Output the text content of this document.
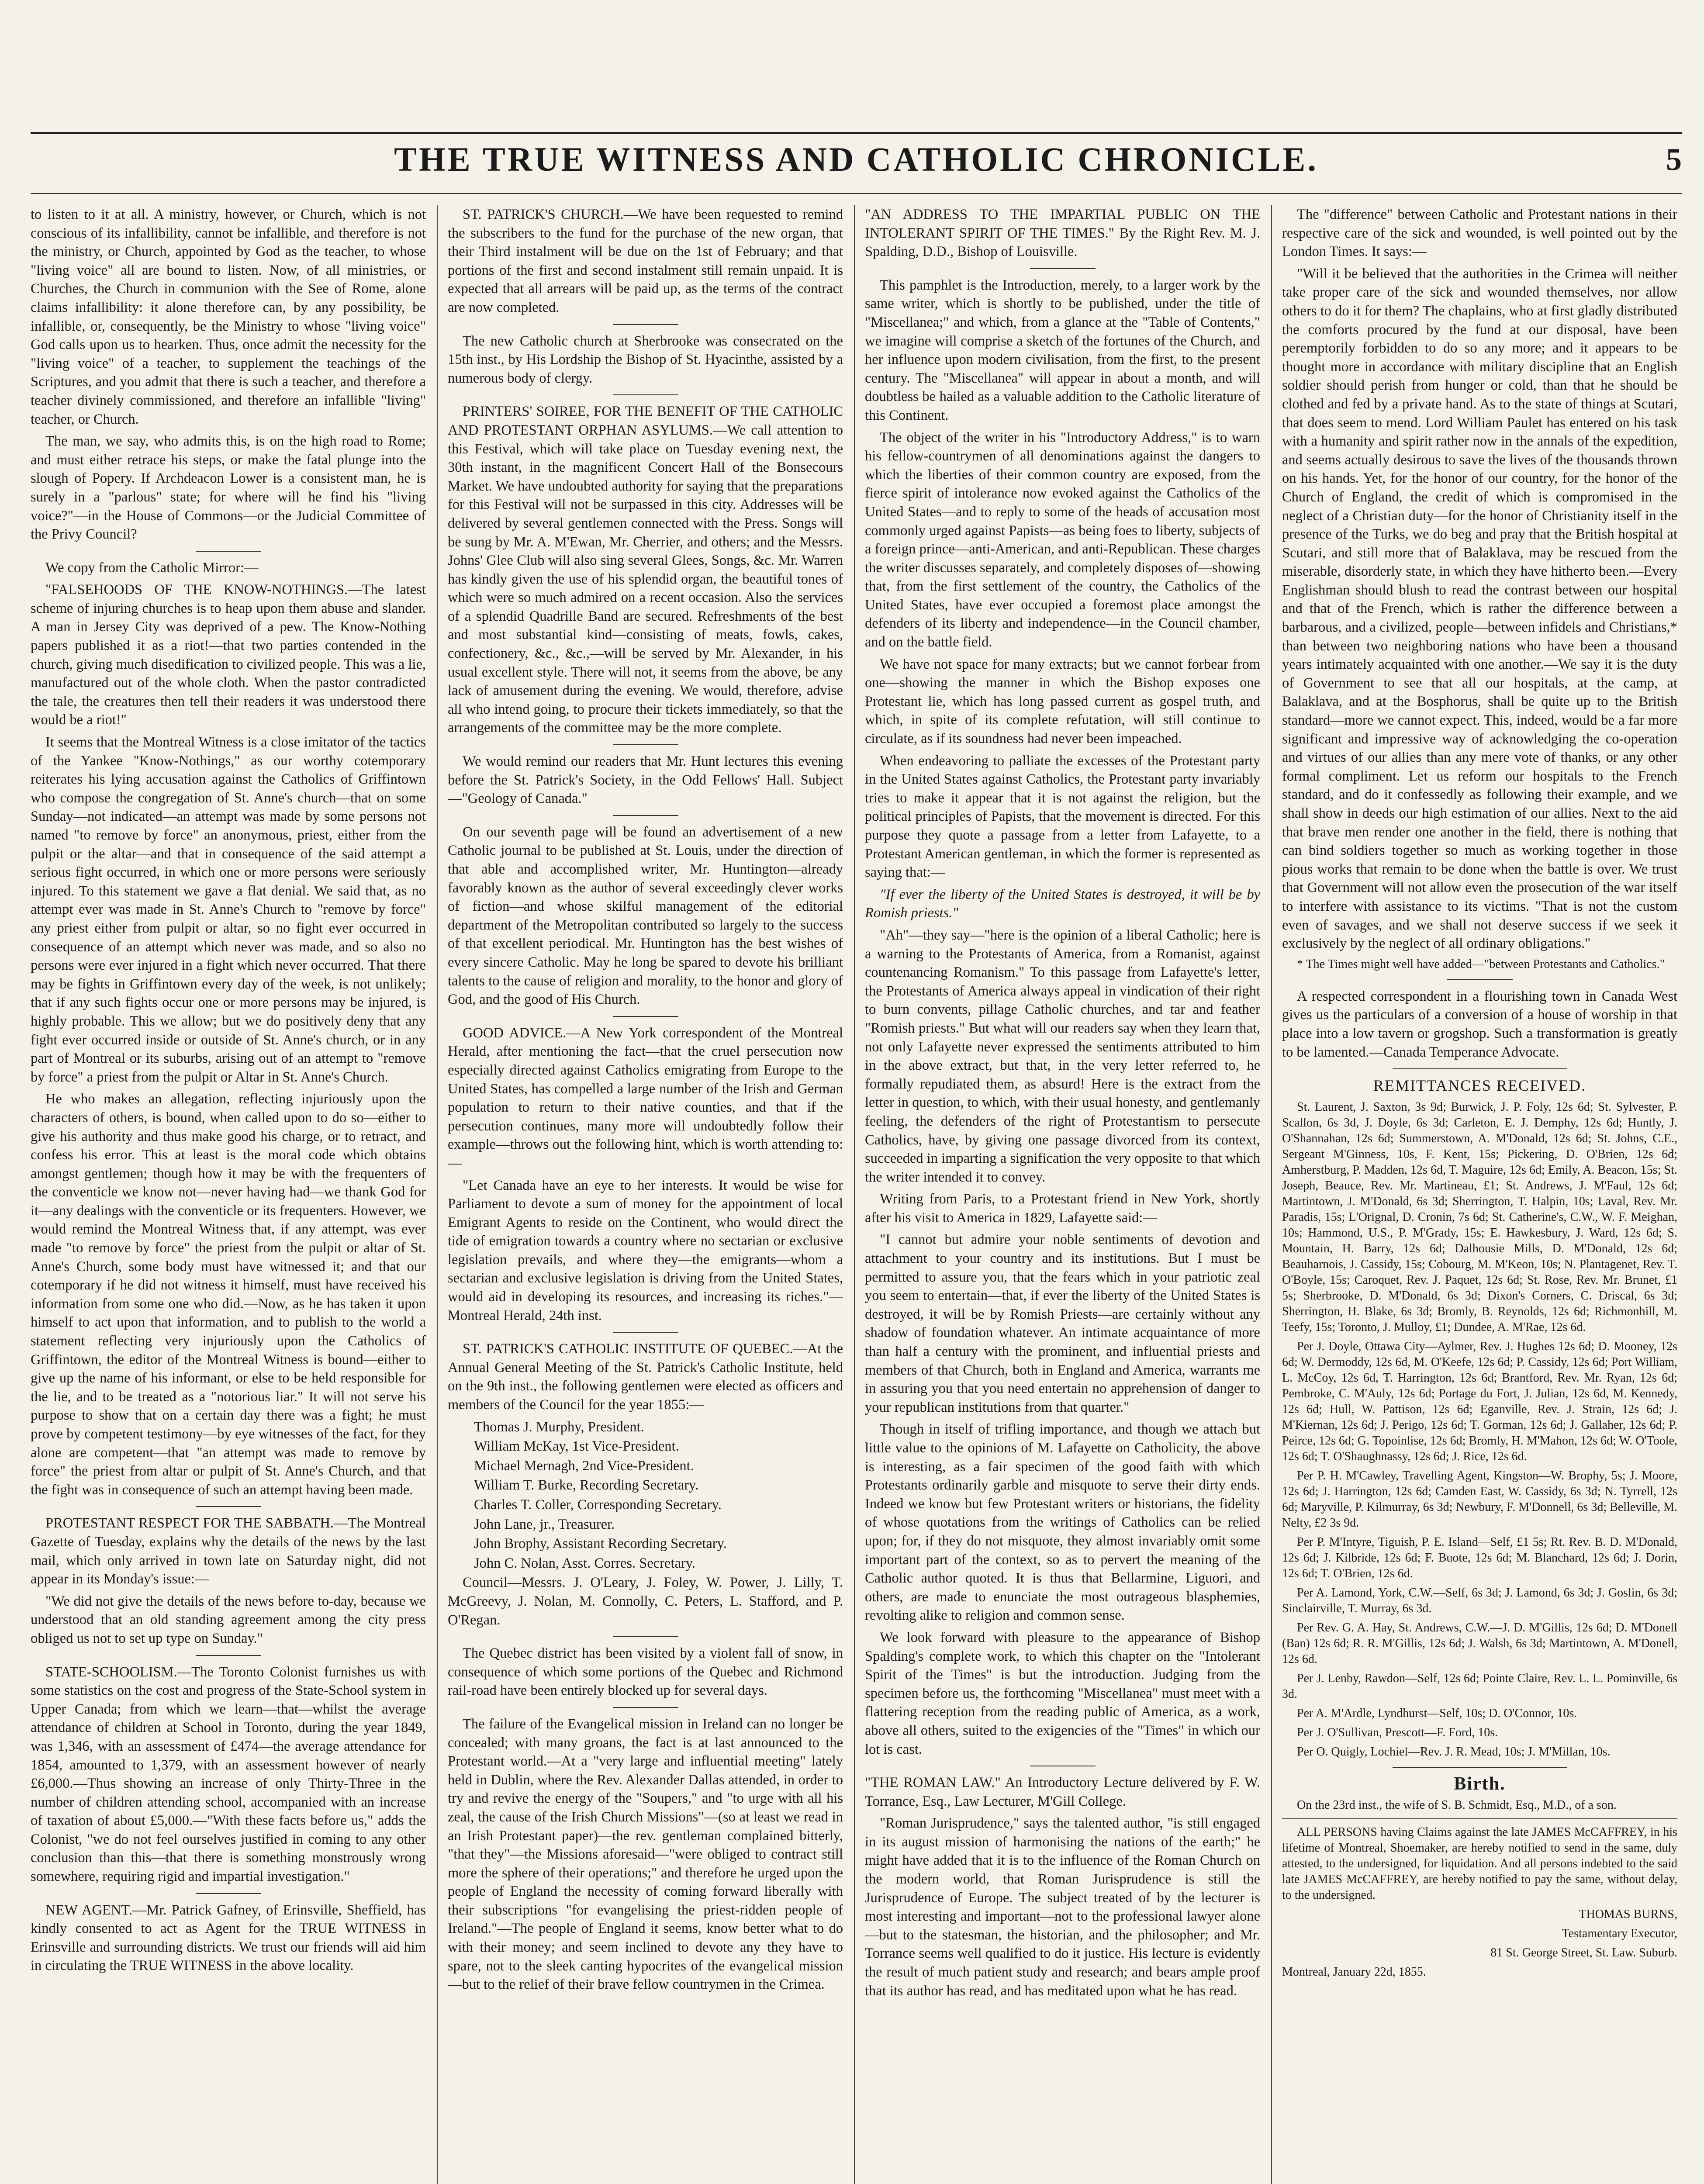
THE TRUE WITNESS AND CATHOLIC CHRONICLE.	5

to listen to it at all. A ministry, however, or Church, which is not conscious of its infallibility, cannot be infallible, and therefore is not the ministry, or Church, appointed by God as the teacher, to whose "living voice" all are bound to listen. Now, of all ministries, or Churches, the Church in communion with the See of Rome, alone claims infallibility: it alone therefore can, by any possibility, be infallible, or, consequently, be the Ministry to whose "living voice" God calls upon us to hearken. Thus, once admit the necessity for the "living voice" of a teacher, to supplement the teachings of the Scriptures, and you admit that there is such a teacher, and therefore a teacher divinely commissioned, and therefore an infallible "living" teacher, or Church.

The man, we say, who admits this, is on the high road to Rome; and must either retrace his steps, or make the fatal plunge into the slough of Popery. If Archdeacon Lower is a consistent man, he is surely in a "parlous" state; for where will he find his "living voice?"—in the House of Commons—or the Judicial Committee of the Privy Council?

We copy from the Catholic Mirror:—

"FALSEHOODS OF THE KNOW-NOTHINGS.—The latest scheme of injuring churches is to heap upon them abuse and slander. A man in Jersey City was deprived of a pew. The Know-Nothing papers published it as a riot!—that two parties contended in the church, giving much disedification to civilized people. This was a lie, manufactured out of the whole cloth. When the pastor contradicted the tale, the creatures then tell their readers it was understood there would be a riot!"

It seems that the Montreal Witness is a close imitator of the tactics of the Yankee "Know-Nothings," as our worthy cotemporary reiterates his lying accusation against the Catholics of Griffintown who compose the congregation of St. Anne's church—that on some Sunday—not indicated—an attempt was made by some persons not named "to remove by force" an anonymous, priest, either from the pulpit or the altar—and that in consequence of the said attempt a serious fight occurred, in which one or more persons were seriously injured. To this statement we gave a flat denial. We said that, as no attempt ever was made in St. Anne's Church to "remove by force" any priest either from pulpit or altar, so no fight ever occurred in consequence of an attempt which never was made, and so also no persons were ever injured in a fight which never occurred. That there may be fights in Griffintown every day of the week, is not unlikely; that if any such fights occur one or more persons may be injured, is highly probable. This we allow; but we do positively deny that any fight ever occurred inside or outside of St. Anne's church, or in any part of Montreal or its suburbs, arising out of an attempt to "remove by force" a priest from the pulpit or Altar in St. Anne's Church.

He who makes an allegation, reflecting injuriously upon the characters of others, is bound, when called upon to do so—either to give his authority and thus make good his charge, or to retract, and confess his error. This at least is the moral code which obtains amongst gentlemen; though how it may be with the frequenters of the conventicle we know not—never having had—we thank God for it—any dealings with the conventicle or its frequenters. However, we would remind the Montreal Witness that, if any attempt, was ever made "to remove by force" the priest from the pulpit or altar of St. Anne's Church, some body must have witnessed it; and that our cotemporary if he did not witness it himself, must have received his information from some one who did.—Now, as he has taken it upon himself to act upon that information, and to publish to the world a statement reflecting very injuriously upon the Catholics of Griffintown, the editor of the Montreal Witness is bound—either to give up the name of his informant, or else to be held responsible for the lie, and to be treated as a "notorious liar." It will not serve his purpose to show that on a certain day there was a fight; he must prove by competent testimony—by eye witnesses of the fact, for they alone are competent—that "an attempt was made to remove by force" the priest from altar or pulpit of St. Anne's Church, and that the fight was in consequence of such an attempt having been made.

PROTESTANT RESPECT FOR THE SABBATH.—The Montreal Gazette of Tuesday, explains why the details of the news by the last mail, which only arrived in town late on Saturday night, did not appear in its Monday's issue:—

"We did not give the details of the news before to-day, because we understood that an old standing agreement among the city press obliged us not to set up type on Sunday."

STATE-SCHOOLISM.—The Toronto Colonist furnishes us with some statistics on the cost and progress of the State-School system in Upper Canada; from which we learn—that—whilst the average attendance of children at School in Toronto, during the year 1849, was 1,346, with an assessment of £474—the average attendance for 1854, amounted to 1,379, with an assessment however of nearly £6,000.—Thus showing an increase of only Thirty-Three in the number of children attending school, accompanied with an increase of taxation of about £5,000.—"With these facts before us," adds the Colonist, "we do not feel ourselves justified in coming to any other conclusion than this—that there is something monstrously wrong somewhere, requiring rigid and impartial investigation."

NEW AGENT.—Mr. Patrick Gafney, of Erinsville, Sheffield, has kindly consented to act as Agent for the TRUE WITNESS in Erinsville and surrounding districts. We trust our friends will aid him in circulating the TRUE WITNESS in the above locality.

ST. PATRICK'S CHURCH.—We have been requested to remind the subscribers to the fund for the purchase of the new organ, that their Third instalment will be due on the 1st of February; and that portions of the first and second instalment still remain unpaid. It is expected that all arrears will be paid up, as the terms of the contract are now completed.

The new Catholic church at Sherbrooke was consecrated on the 15th inst., by His Lordship the Bishop of St. Hyacinthe, assisted by a numerous body of clergy.

PRINTERS' SOIREE, FOR THE BENEFIT OF THE CATHOLIC AND PROTESTANT ORPHAN ASYLUMS.—We call attention to this Festival, which will take place on Tuesday evening next, the 30th instant, in the magnificent Concert Hall of the Bonsecours Market. We have undoubted authority for saying that the preparations for this Festival will not be surpassed in this city. Addresses will be delivered by several gentlemen connected with the Press. Songs will be sung by Mr. A. M'Ewan, Mr. Cherrier, and others; and the Messrs. Johns' Glee Club will also sing several Glees, Songs, &c. Mr. Warren has kindly given the use of his splendid organ, the beautiful tones of which were so much admired on a recent occasion. Also the services of a splendid Quadrille Band are secured. Refreshments of the best and most substantial kind—consisting of meats, fowls, cakes, confectionery, &c., &c.,—will be served by Mr. Alexander, in his usual excellent style. There will not, it seems from the above, be any lack of amusement during the evening. We would, therefore, advise all who intend going, to procure their tickets immediately, so that the arrangements of the committee may be the more complete.

We would remind our readers that Mr. Hunt lectures this evening before the St. Patrick's Society, in the Odd Fellows' Hall. Subject—"Geology of Canada."

On our seventh page will be found an advertisement of a new Catholic journal to be published at St. Louis, under the direction of that able and accomplished writer, Mr. Huntington—already favorably known as the author of several exceedingly clever works of fiction—and whose skilful management of the editorial department of the Metropolitan contributed so largely to the success of that excellent periodical. Mr. Huntington has the best wishes of every sincere Catholic. May he long be spared to devote his brilliant talents to the cause of religion and morality, to the honor and glory of God, and the good of His Church.

GOOD ADVICE.—A New York correspondent of the Montreal Herald, after mentioning the fact—that the cruel persecution now especially directed against Catholics emigrating from Europe to the United States, has compelled a large number of the Irish and German population to return to their native counties, and that if the persecution continues, many more will undoubtedly follow their example—throws out the following hint, which is worth attending to:—

"Let Canada have an eye to her interests. It would be wise for Parliament to devote a sum of money for the appointment of local Emigrant Agents to reside on the Continent, who would direct the tide of emigration towards a country where no sectarian or exclusive legislation prevails, and where they—the emigrants—whom a sectarian and exclusive legislation is driving from the United States, would aid in developing its resources, and increasing its riches."—Montreal Herald, 24th inst.

ST. PATRICK'S CATHOLIC INSTITUTE OF QUEBEC.—At the Annual General Meeting of the St. Patrick's Catholic Institute, held on the 9th inst., the following gentlemen were elected as officers and members of the Council for the year 1855:—

Thomas J. Murphy, President.

William McKay, 1st Vice-President.

Michael Mernagh, 2nd Vice-President.

William T. Burke, Recording Secretary.

Charles T. Coller, Corresponding Secretary.

John Lane, jr., Treasurer.

John Brophy, Assistant Recording Secretary.

John C. Nolan, Asst. Corres. Secretary.

Council—Messrs. J. O'Leary, J. Foley, W. Power, J. Lilly, T. McGreevy, J. Nolan, M. Connolly, C. Peters, L. Stafford, and P. O'Regan.

The Quebec district has been visited by a violent fall of snow, in consequence of which some portions of the Quebec and Richmond rail-road have been entirely blocked up for several days.

The failure of the Evangelical mission in Ireland can no longer be concealed; with many groans, the fact is at last announced to the Protestant world.—At a "very large and influential meeting" lately held in Dublin, where the Rev. Alexander Dallas attended, in order to try and revive the energy of the "Soupers," and "to urge with all his zeal, the cause of the Irish Church Missions"—(so at least we read in an Irish Protestant paper)—the rev. gentleman complained bitterly, "that they"—the Missions aforesaid—"were obliged to contract still more the sphere of their operations;" and therefore he urged upon the people of England the necessity of coming forward liberally with their subscriptions "for evangelising the priest-ridden people of Ireland."—The people of England it seems, know better what to do with their money; and seem inclined to devote any they have to spare, not to the sleek canting hypocrites of the evangelical mission—but to the relief of their brave fellow countrymen in the Crimea.

"AN ADDRESS TO THE IMPARTIAL PUBLIC ON THE INTOLERANT SPIRIT OF THE TIMES." By the Right Rev. M. J. Spalding, D.D., Bishop of Louisville.

This pamphlet is the Introduction, merely, to a larger work by the same writer, which is shortly to be published, under the title of "Miscellanea;" and which, from a glance at the "Table of Contents," we imagine will comprise a sketch of the fortunes of the Church, and her influence upon modern civilisation, from the first, to the present century. The "Miscellanea" will appear in about a month, and will doubtless be hailed as a valuable addition to the Catholic literature of this Continent.

The object of the writer in his "Introductory Address," is to warn his fellow-countrymen of all denominations against the dangers to which the liberties of their common country are exposed, from the fierce spirit of intolerance now evoked against the Catholics of the United States—and to reply to some of the heads of accusation most commonly urged against Papists—as being foes to liberty, subjects of a foreign prince—anti-American, and anti-Republican. These charges the writer discusses separately, and completely disposes of—showing that, from the first settlement of the country, the Catholics of the United States, have ever occupied a foremost place amongst the defenders of its liberty and independence—in the Council chamber, and on the battle field.

We have not space for many extracts; but we cannot forbear from one—showing the manner in which the Bishop exposes one Protestant lie, which has long passed current as gospel truth, and which, in spite of its complete refutation, will still continue to circulate, as if its soundness had never been impeached.

When endeavoring to palliate the excesses of the Protestant party in the United States against Catholics, the Protestant party invariably tries to make it appear that it is not against the religion, but the political principles of Papists, that the movement is directed. For this purpose they quote a passage from a letter from Lafayette, to a Protestant American gentleman, in which the former is represented as saying that:—

"If ever the liberty of the United States is destroyed, it will be by Romish priests."

"Ah"—they say—"here is the opinion of a liberal Catholic; here is a warning to the Protestants of America, from a Romanist, against countenancing Romanism." To this passage from Lafayette's letter, the Protestants of America always appeal in vindication of their right to burn convents, pillage Catholic churches, and tar and feather "Romish priests." But what will our readers say when they learn that, not only Lafayette never expressed the sentiments attributed to him in the above extract, but that, in the very letter referred to, he formally repudiated them, as absurd! Here is the extract from the letter in question, to which, with their usual honesty, and gentlemanly feeling, the defenders of the right of Protestantism to persecute Catholics, have, by giving one passage divorced from its context, succeeded in imparting a signification the very opposite to that which the writer intended it to convey.

Writing from Paris, to a Protestant friend in New York, shortly after his visit to America in 1829, Lafayette said:—

"I cannot but admire your noble sentiments of devotion and attachment to your country and its institutions. But I must be permitted to assure you, that the fears which in your patriotic zeal you seem to entertain—that, if ever the liberty of the United States is destroyed, it will be by Romish Priests—are certainly without any shadow of foundation whatever. An intimate acquaintance of more than half a century with the prominent, and influential priests and members of that Church, both in England and America, warrants me in assuring you that you need entertain no apprehension of danger to your republican institutions from that quarter."

Though in itself of trifling importance, and though we attach but little value to the opinions of M. Lafayette on Catholicity, the above is interesting, as a fair specimen of the good faith with which Protestants ordinarily garble and misquote to serve their dirty ends. Indeed we know but few Protestant writers or historians, the fidelity of whose quotations from the writings of Catholics can be relied upon; for, if they do not misquote, they almost invariably omit some important part of the context, so as to pervert the meaning of the Catholic author quoted. It is thus that Bellarmine, Liguori, and others, are made to enunciate the most outrageous blasphemies, revolting alike to religion and common sense.

We look forward with pleasure to the appearance of Bishop Spalding's complete work, to which this chapter on the "Intolerant Spirit of the Times" is but the introduction. Judging from the specimen before us, the forthcoming "Miscellanea" must meet with a flattering reception from the reading public of America, as a work, above all others, suited to the exigencies of the "Times" in which our lot is cast.

"THE ROMAN LAW." An Introductory Lecture delivered by F. W. Torrance, Esq., Law Lecturer, M'Gill College.

"Roman Jurisprudence," says the talented author, "is still engaged in its august mission of harmonising the nations of the earth;" he might have added that it is to the influence of the Roman Church on the modern world, that Roman Jurisprudence is still the Jurisprudence of Europe. The subject treated of by the lecturer is most interesting and important—not to the professional lawyer alone—but to the statesman, the historian, and the philosopher; and Mr. Torrance seems well qualified to do it justice. His lecture is evidently the result of much patient study and research; and bears ample proof that its author has read, and has meditated upon what he has read.

The "difference" between Catholic and Protestant nations in their respective care of the sick and wounded, is well pointed out by the London Times. It says:—

"Will it be believed that the authorities in the Crimea will neither take proper care of the sick and wounded themselves, nor allow others to do it for them? The chaplains, who at first gladly distributed the comforts procured by the fund at our disposal, have been peremptorily forbidden to do so any more; and it appears to be thought more in accordance with military discipline that an English soldier should perish from hunger or cold, than that he should be clothed and fed by a private hand. As to the state of things at Scutari, that does seem to mend. Lord William Paulet has entered on his task with a humanity and spirit rather now in the annals of the expedition, and seems actually desirous to save the lives of the thousands thrown on his hands. Yet, for the honor of our country, for the honor of the Church of England, the credit of which is compromised in the neglect of a Christian duty—for the honor of Christianity itself in the presence of the Turks, we do beg and pray that the British hospital at Scutari, and still more that of Balaklava, may be rescued from the miserable, disorderly state, in which they have hitherto been.—Every Englishman should blush to read the contrast between our hospital and that of the French, which is rather the difference between a barbarous, and a civilized, people—between infidels and Christians,* than between two neighboring nations who have been a thousand years intimately acquainted with one another.—We say it is the duty of Government to see that all our hospitals, at the camp, at Balaklava, and at the Bosphorus, shall be quite up to the British standard—more we cannot expect. This, indeed, would be a far more significant and impressive way of acknowledging the co-operation and virtues of our allies than any mere vote of thanks, or any other formal compliment. Let us reform our hospitals to the French standard, and do it confessedly as following their example, and we shall show in deeds our high estimation of our allies. Next to the aid that brave men render one another in the field, there is nothing that can bind soldiers together so much as working together in those pious works that remain to be done when the battle is over. We trust that Government will not allow even the prosecution of the war itself to interfere with assistance to its victims. "That is not the custom even of savages, and we shall not deserve success if we seek it exclusively by the neglect of all ordinary obligations."

* The Times might well have added—"between Protestants and Catholics."

A respected correspondent in a flourishing town in Canada West gives us the particulars of a conversion of a house of worship in that place into a low tavern or grogshop. Such a transformation is greatly to be lamented.—Canada Temperance Advocate.

REMITTANCES RECEIVED.

St. Laurent, J. Saxton, 3s 9d; Burwick, J. P. Foly, 12s 6d; St. Sylvester, P. Scallon, 6s 3d, J. Doyle, 6s 3d; Carleton, E. J. Demphy, 12s 6d; Huntly, J. O'Shannahan, 12s 6d; Summerstown, A. M'Donald, 12s 6d; St. Johns, C.E., Sergeant M'Ginness, 10s, F. Kent, 15s; Pickering, D. O'Brien, 12s 6d; Amherstburg, P. Madden, 12s 6d, T. Maguire, 12s 6d; Emily, A. Beacon, 15s; St. Joseph, Beauce, Rev. Mr. Martineau, £1; St. Andrews, J. M'Faul, 12s 6d; Martintown, J. M'Donald, 6s 3d; Sherrington, T. Halpin, 10s; Laval, Rev. Mr. Paradis, 15s; L'Orignal, D. Cronin, 7s 6d; St. Catherine's, C.W., W. F. Meighan, 10s; Hammond, U.S., P. M'Grady, 15s; E. Hawkesbury, J. Ward, 12s 6d; S. Mountain, H. Barry, 12s 6d; Dalhousie Mills, D. M'Donald, 12s 6d; Beauharnois, J. Cassidy, 15s; Cobourg, M. M'Keon, 10s; N. Plantagenet, Rev. T. O'Boyle, 15s; Caroquet, Rev. J. Paquet, 12s 6d; St. Rose, Rev. Mr. Brunet, £1 5s; Sherbrooke, D. M'Donald, 6s 3d; Dixon's Corners, C. Driscal, 6s 3d; Sherrington, H. Blake, 6s 3d; Bromly, B. Reynolds, 12s 6d; Richmonhill, M. Teefy, 15s; Toronto, J. Mulloy, £1; Dundee, A. M'Rae, 12s 6d.

Per J. Doyle, Ottawa City—Aylmer, Rev. J. Hughes 12s 6d; D. Mooney, 12s 6d; W. Dermoddy, 12s 6d, M. O'Keefe, 12s 6d; P. Cassidy, 12s 6d; Port William, L. McCoy, 12s 6d, T. Harrington, 12s 6d; Brantford, Rev. Mr. Ryan, 12s 6d; Pembroke, C. M'Auly, 12s 6d; Portage du Fort, J. Julian, 12s 6d, M. Kennedy, 12s 6d; Hull, W. Pattison, 12s 6d; Eganville, Rev. J. Strain, 12s 6d; J. M'Kiernan, 12s 6d; J. Perigo, 12s 6d; T. Gorman, 12s 6d; J. Gallaher, 12s 6d; P. Peirce, 12s 6d; G. Topoinlise, 12s 6d; Bromly, H. M'Mahon, 12s 6d; W. O'Toole, 12s 6d; T. O'Shaughnassy, 12s 6d; J. Rice, 12s 6d.

Per P. H. M'Cawley, Travelling Agent, Kingston—W. Brophy, 5s; J. Moore, 12s 6d; J. Harrington, 12s 6d; Camden East, W. Cassidy, 6s 3d; N. Tyrrell, 12s 6d; Maryville, P. Kilmurray, 6s 3d; Newbury, F. M'Donnell, 6s 3d; Belleville, M. Nelty, £2 3s 9d.

Per P. M'Intyre, Tiguish, P. E. Island—Self, £1 5s; Rt. Rev. B. D. M'Donald, 12s 6d; J. Kilbride, 12s 6d; F. Buote, 12s 6d; M. Blanchard, 12s 6d; J. Dorin, 12s 6d; T. O'Brien, 12s 6d.

Per A. Lamond, York, C.W.—Self, 6s 3d; J. Lamond, 6s 3d; J. Goslin, 6s 3d; Sinclairville, T. Murray, 6s 3d.

Per Rev. G. A. Hay, St. Andrews, C.W.—J. D. M'Gillis, 12s 6d; D. M'Donell (Ban) 12s 6d; R. R. M'Gillis, 12s 6d; J. Walsh, 6s 3d; Martintown, A. M'Donell, 12s 6d.

Per J. Lenby, Rawdon—Self, 12s 6d; Pointe Claire, Rev. L. L. Pominville, 6s 3d.

Per A. M'Ardle, Lyndhurst—Self, 10s; D. O'Connor, 10s.

Per J. O'Sullivan, Prescott—F. Ford, 10s.

Per O. Quigly, Lochiel—Rev. J. R. Mead, 10s; J. M'Millan, 10s.

Birth.

On the 23rd inst., the wife of S. B. Schmidt, Esq., M.D., of a son.

ALL PERSONS having Claims against the late JAMES McCAFFREY, in his lifetime of Montreal, Shoemaker, are hereby notified to send in the same, duly attested, to the undersigned, for liquidation. And all persons indebted to the said late JAMES McCAFFREY, are hereby notified to pay the same, without delay, to the undersigned.

THOMAS BURNS,

Testamentary Executor,

81 St. George Street, St. Law. Suburb.

Montreal, January 22d, 1855.
